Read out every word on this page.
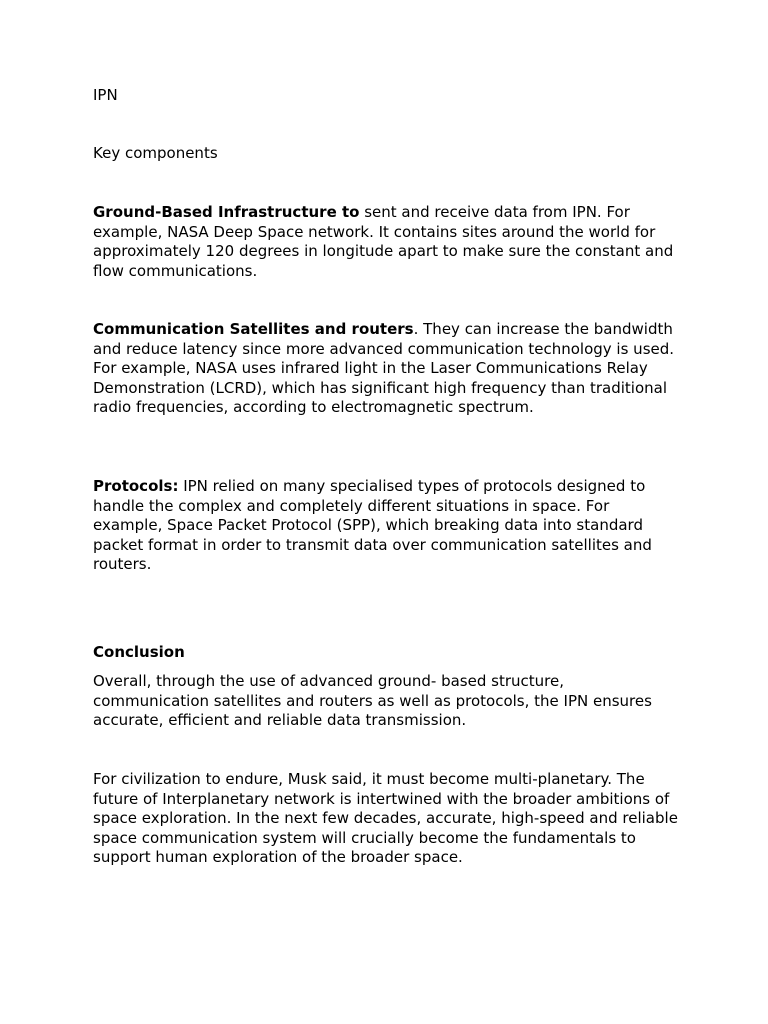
IPN

Key components

Ground-Based Infrastructure to sent and receive data from IPN. For example, NASA Deep Space network. It contains sites around the world for approximately 120 degrees in longitude apart to make sure the constant and flow communications.

Communication Satellites and routers. They can increase the bandwidth and reduce latency since more advanced communication technology is used. For example, NASA uses infrared light in the Laser Communications Relay Demonstration (LCRD), which has significant high frequency than traditional radio frequencies, according to electromagnetic spectrum.

Protocols: IPN relied on many specialised types of protocols designed to handle the complex and completely different situations in space. For example, Space Packet Protocol (SPP), which breaking data into standard packet format in order to transmit data over communication satellites and routers.

Conclusion

Overall, through the use of advanced ground- based structure, communication satellites and routers as well as protocols, the IPN ensures accurate, efficient and reliable data transmission.

For civilization to endure, Musk said, it must become multi-planetary. The future of Interplanetary network is intertwined with the broader ambitions of space exploration. In the next few decades, accurate, high-speed and reliable space communication system will crucially become the fundamentals to support human exploration of the broader space.
